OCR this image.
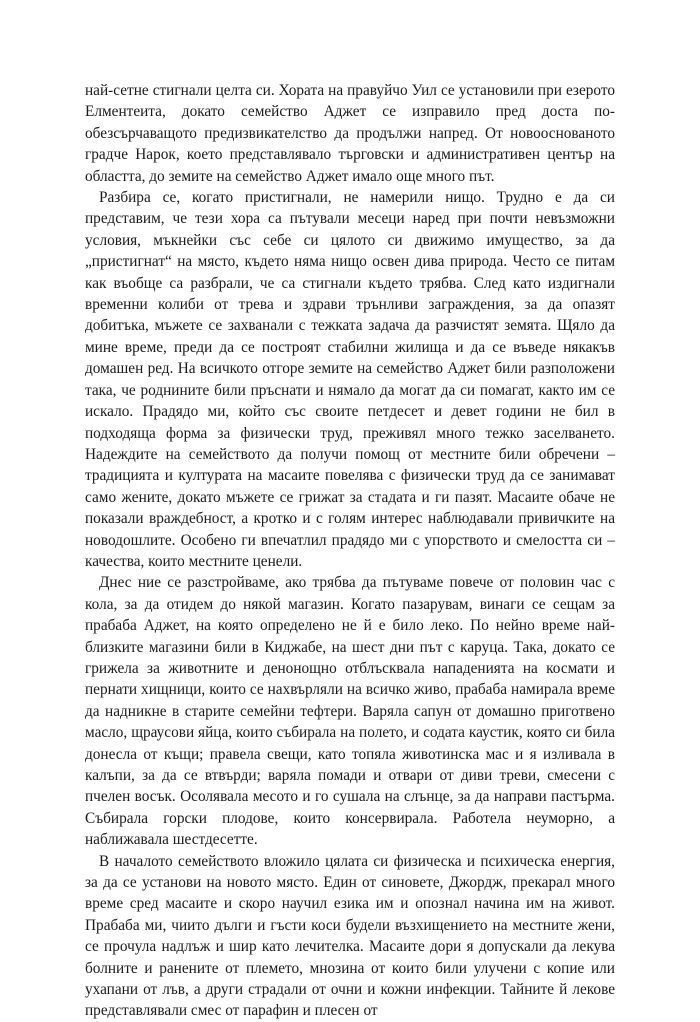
най-сетне стигнали целта си. Хората на правуйчо Уил се установили при езерото Елментеита, докато семейство Аджет се изправило пред доста по-обезсърчаващото предизвикателство да продължи напред. От новооснованото градче Нарок, което представлявало търговски и административен център на областта, до земите на семейство Аджет имало още много път.

Разбира се, когато пристигнали, не намерили нищо. Трудно е да си представим, че тези хора са пътували месеци наред при почти невъзможни условия, мъкнейки със себе си цялото си движимо имущество, за да „пристигнат“ на място, където няма нищо освен дива природа. Често се питам как въобще са разбрали, че са стигнали където трябва. След като издигнали временни колиби от трева и здрави трънливи заграждения, за да опазят добитъка, мъжете се захванали с тежката задача да разчистят земята. Щяло да мине време, преди да се построят стабилни жилища и да се въведе някакъв домашен ред. На всичкото отгоре земите на семейство Аджет били разположени така, че роднините били пръснати и нямало да могат да си помагат, както им се искало. Прадядо ми, който със своите петдесет и девет години не бил в подходяща форма за физически труд, преживял много тежко заселването. Надеждите на семейството да получи помощ от местните били обречени – традицията и културата на масаите повелява с физически труд да се занимават само жените, докато мъжете се грижат за стадата и ги пазят. Масаите обаче не показали враждебност, а кротко и с голям интерес наблюдавали привичките на новодошлите. Особено ги впечатлил прадядо ми с упорството и смелостта си – качества, които местните ценели.

Днес ние се разстройваме, ако трябва да пътуваме повече от половин час с кола, за да отидем до някой магазин. Когато пазарувам, винаги се сещам за прабаба Аджет, на която определено не й е било леко. По нейно време най-близките магазини били в Киджабе, на шест дни път с каруца. Така, докато се грижела за животните и денонощно отблъсквала нападенията на космати и пернати хищници, които се нахвърляли на всичко живо, прабаба намирала време да надникне в старите семейни тефтери. Варяла сапун от домашно приготвено масло, щраусови яйца, които събирала на полето, и содата каустик, която си била донесла от къщи; правела свещи, като топяла животинска мас и я изливала в калъпи, за да се втвърди; варяла помади и отвари от диви треви, смесени с пчелен восък. Осолявала месото и го сушала на слънце, за да направи пастърма. Събирала горски плодове, които консервирала. Работела неуморно, а наближавала шестдесетте.

В началото семейството вложило цялата си физическа и психическа енергия, за да се установи на новото място. Един от синовете, Джордж, прекарал много време сред масаите и скоро научил езика им и опознал начина им на живот. Прабаба ми, чиито дълги и гъсти коси будели възхищението на местните жени, се прочула надлъж и шир като лечителка. Масаите дори я допускали да лекува болните и ранените от племето, мнозина от които били улучени с копие или ухапани от лъв, а други страдали от очни и кожни инфекции. Тайните й лекове представлявали смес от парафин и плесен от
